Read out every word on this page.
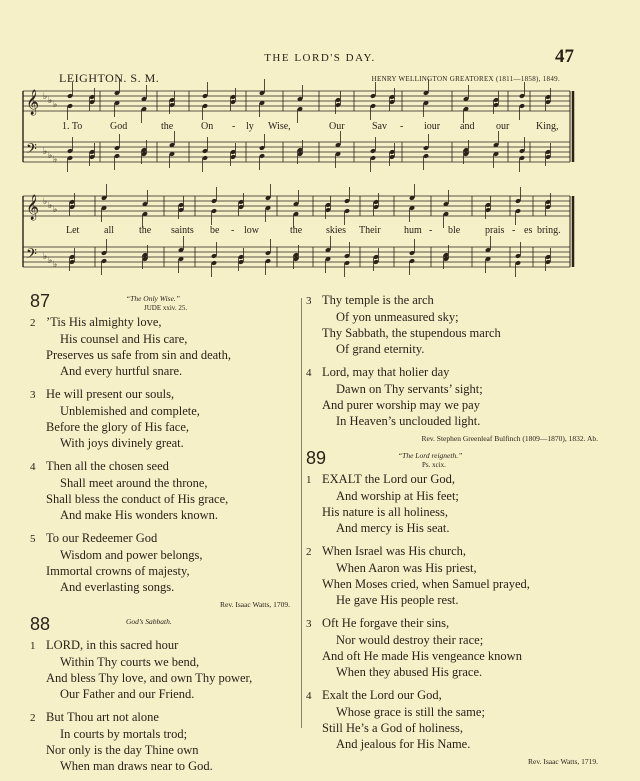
THE LORD'S DAY.	47
LEIGHTON. S. M.	HENRY WELLINGTON GREATOREX (1811—1858), 1849.
𝄞
𝄢
♭
♭
♭
♭
♭
♭
𝄞
𝄢
♭
♭
♭
♭
♭
♭
1. To	God	the	On - ly Wise,	Our	Sav - iour and our	King,
Let all	the saints be - low	the skies Their hum - ble prais - es bring.
87	“The Only Wise.”
JUDE xxiv. 25.
2 ’Tis His almighty love,
His counsel and His care,
Preserves us safe from sin and death,
And every hurtful snare.
3 He will present our souls,
Unblemished and complete,
Before the glory of His face,
With joys divinely great.
4 Then all the chosen seed
Shall meet around the throne,
Shall bless the conduct of His grace,
And make His wonders known.
5 To our Redeemer God
Wisdom and power belongs,
Immortal crowns of majesty,
And everlasting songs.
Rev. Isaac Watts, 1709.
88	God’s Sabbath.
1 LORD, in this sacred hour
Within Thy courts we bend,
And bless Thy love, and own Thy power,
Our Father and our Friend.
2 But Thou art not alone
In courts by mortals trod;
Nor only is the day Thine own
When man draws near to God.
3 Thy temple is the arch
Of yon unmeasured sky;
Thy Sabbath, the stupendous march
Of grand eternity.
4 Lord, may that holier day
Dawn on Thy servants’ sight;
And purer worship may we pay
In Heaven’s unclouded light.
Rev. Stephen Greenleaf Bulfinch (1809—1870), 1832. Ab.
89	“The Lord reigneth.”
Ps. xcix.
1 EXALT the Lord our God,
And worship at His feet;
His nature is all holiness,
And mercy is His seat.
2 When Israel was His church,
When Aaron was His priest,
When Moses cried, when Samuel prayed,
He gave His people rest.
3 Oft He forgave their sins,
Nor would destroy their race;
And oft He made His vengeance known
When they abused His grace.
4 Exalt the Lord our God,
Whose grace is still the same;
Still He’s a God of holiness,
And jealous for His Name.
Rev. Isaac Watts, 1719.
